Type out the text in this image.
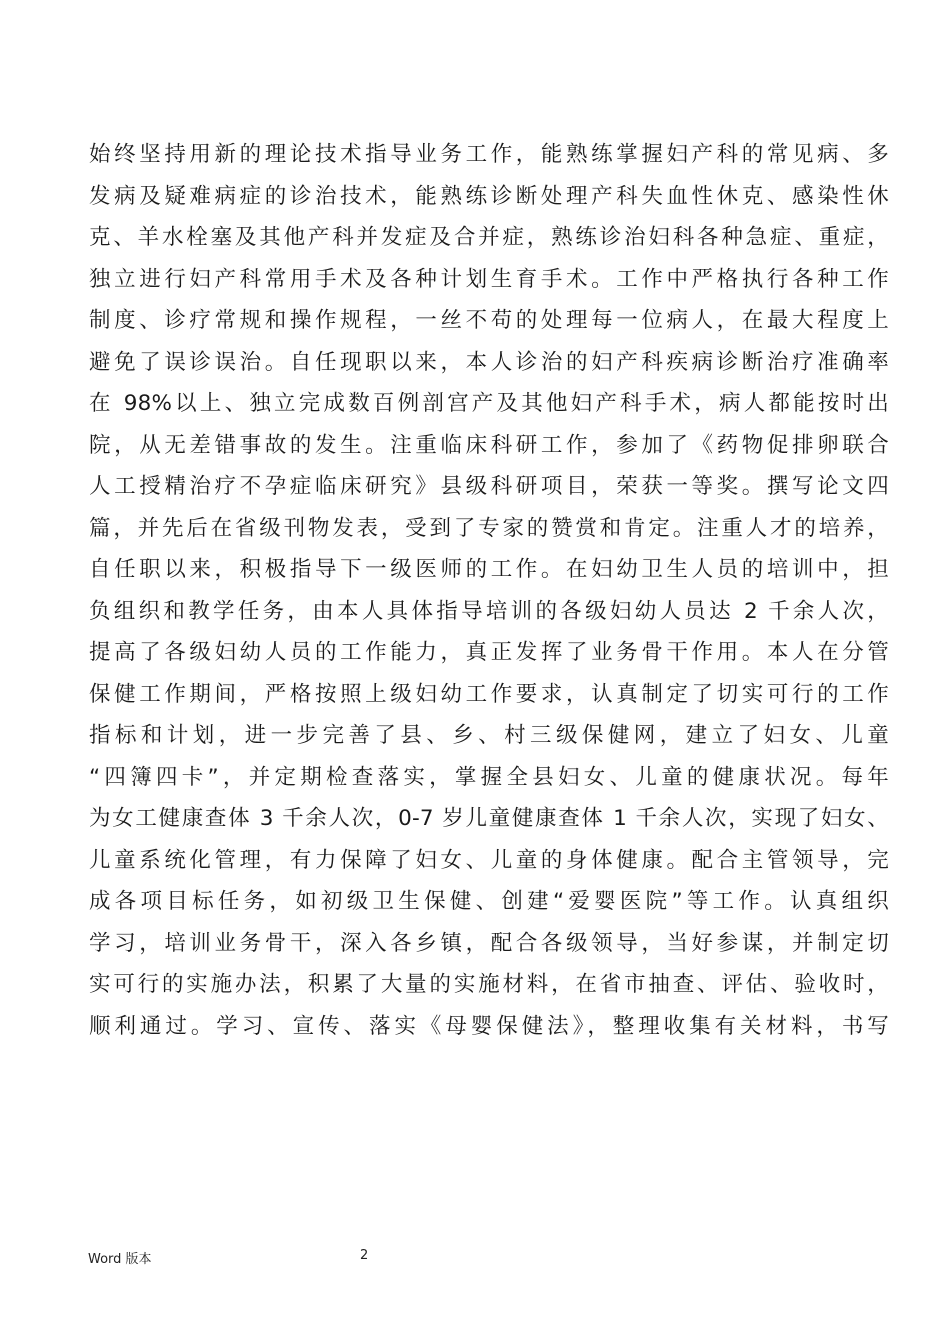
始终坚持用新的理论技术指导业务工作，能熟练掌握妇产科的常见病、多
发病及疑难病症的诊治技术，能熟练诊断处理产科失血性休克、感染性休
克、羊水栓塞及其他产科并发症及合并症，熟练诊治妇科各种急症、重症，
独立进行妇产科常用手术及各种计划生育手术。工作中严格执行各种工作
制度、诊疗常规和操作规程，一丝不苟的处理每一位病人，在最大程度上
避免了误诊误治。自任现职以来，本人诊治的妇产科疾病诊断治疗准确率
在 98%以上、独立完成数百例剖宫产及其他妇产科手术，病人都能按时出
院，从无差错事故的发生。注重临床科研工作，参加了《药物促排卵联合
人工授精治疗不孕症临床研究》县级科研项目，荣获一等奖。撰写论文四
篇，并先后在省级刊物发表，受到了专家的赞赏和肯定。注重人才的培养，
自任职以来，积极指导下一级医师的工作。在妇幼卫生人员的培训中，担
负组织和教学任务，由本人具体指导培训的各级妇幼人员达 2 千余人次，
提高了各级妇幼人员的工作能力，真正发挥了业务骨干作用。本人在分管
保健工作期间，严格按照上级妇幼工作要求，认真制定了切实可行的工作
指标和计划，进一步完善了县、乡、村三级保健网，建立了妇女、儿童
“四簿四卡”，并定期检查落实，掌握全县妇女、儿童的健康状况。每年
为女工健康查体 3 千余人次，0-7 岁儿童健康查体 1 千余人次，实现了妇女、
儿童系统化管理，有力保障了妇女、儿童的身体健康。配合主管领导，完
成各项目标任务，如初级卫生保健、创建“爱婴医院”等工作。认真组织
学习，培训业务骨干，深入各乡镇，配合各级领导，当好参谋，并制定切
实可行的实施办法，积累了大量的实施材料，在省市抽查、评估、验收时，
顺利通过。学习、宣传、落实《母婴保健法》，整理收集有关材料，书写
Word 版本	2
